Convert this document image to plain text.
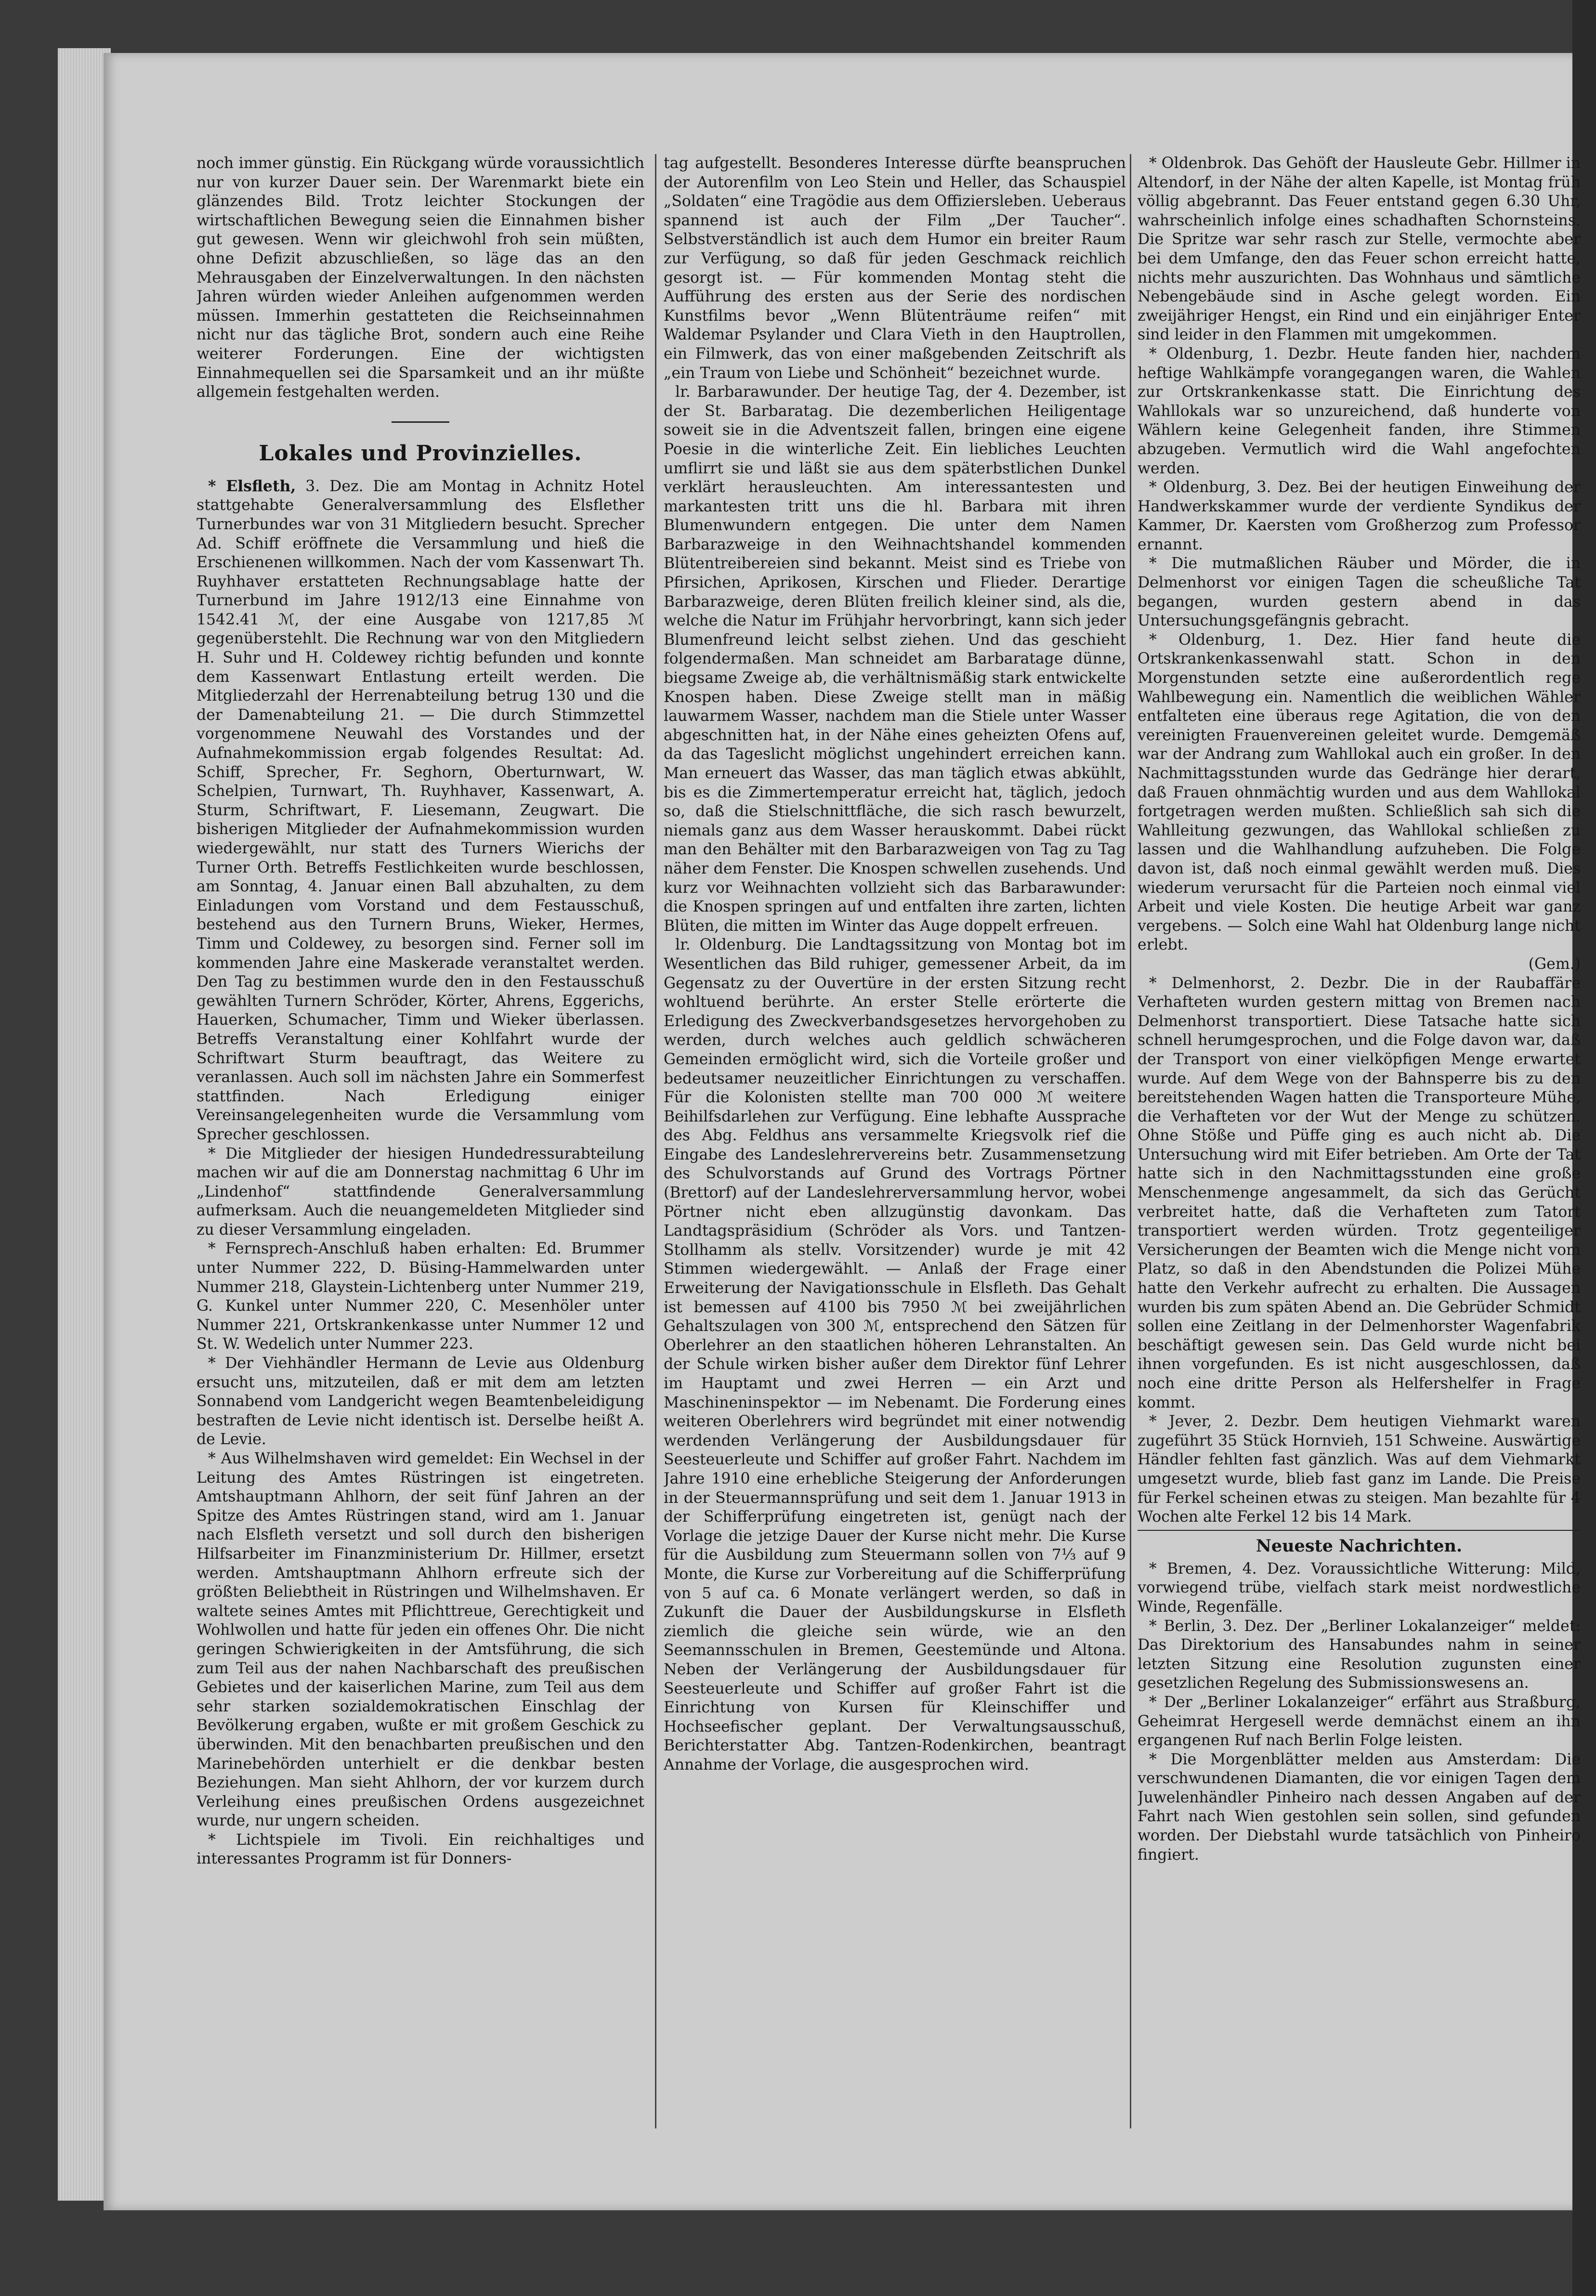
noch immer günstig. Ein Rückgang würde voraussichtlich nur von kurzer Dauer sein. Der Warenmarkt biete ein glänzendes Bild. Trotz leichter Stockungen der wirtschaftlichen Bewegung seien die Einnahmen bisher gut gewesen. Wenn wir gleichwohl froh sein müßten, ohne Defizit abzuschließen, so läge das an den Mehrausgaben der Einzelverwaltungen. In den nächsten Jahren würden wieder Anleihen aufgenommen werden müssen. Immerhin gestatteten die Reichseinnahmen nicht nur das tägliche Brot, sondern auch eine Reihe weiterer Forderungen. Eine der wichtigsten Einnahmequellen sei die Sparsamkeit und an ihr müßte allgemein festgehalten werden.

Lokales und Provinzielles.

* Elsfleth, 3. Dez. Die am Montag in Achnitz Hotel stattgehabte Generalversammlung des Elsflether Turnerbundes war von 31 Mitgliedern besucht. Sprecher Ad. Schiff eröffnete die Versammlung und hieß die Erschienenen willkommen. Nach der vom Kassenwart Th. Ruyhhaver erstatteten Rechnungsablage hatte der Turnerbund im Jahre 1912/13 eine Einnahme von 1542.41 ℳ, der eine Ausgabe von 1217,85 ℳ gegenüberstehlt. Die Rechnung war von den Mitgliedern H. Suhr und H. Coldewey richtig befunden und konnte dem Kassenwart Entlastung erteilt werden. Die Mitgliederzahl der Herrenabteilung betrug 130 und die der Damenabteilung 21. — Die durch Stimmzettel vorgenommene Neuwahl des Vorstandes und der Aufnahmekommission ergab folgendes Resultat: Ad. Schiff, Sprecher, Fr. Seghorn, Oberturnwart, W. Schelpien, Turnwart, Th. Ruyhhaver, Kassenwart, A. Sturm, Schriftwart, F. Liesemann, Zeugwart. Die bisherigen Mitglieder der Aufnahmekommission wurden wiedergewählt, nur statt des Turners Wierichs der Turner Orth. Betreffs Festlichkeiten wurde beschlossen, am Sonntag, 4. Januar einen Ball abzuhalten, zu dem Einladungen vom Vorstand und dem Festausschuß, bestehend aus den Turnern Bruns, Wieker, Hermes, Timm und Coldewey, zu besorgen sind. Ferner soll im kommenden Jahre eine Maskerade veranstaltet werden. Den Tag zu bestimmen wurde den in den Festausschuß gewählten Turnern Schröder, Körter, Ahrens, Eggerichs, Hauerken, Schumacher, Timm und Wieker überlassen. Betreffs Veranstaltung einer Kohlfahrt wurde der Schriftwart Sturm beauftragt, das Weitere zu veranlassen. Auch soll im nächsten Jahre ein Sommerfest stattfinden. Nach Erledigung einiger Vereinsangelegenheiten wurde die Versammlung vom Sprecher geschlossen.

* Die Mitglieder der hiesigen Hundedressurabteilung machen wir auf die am Donnerstag nachmittag 6 Uhr im „Lindenhof“ stattfindende Generalversammlung aufmerksam. Auch die neuangemeldeten Mitglieder sind zu dieser Versammlung eingeladen.

* Fernsprech-Anschluß haben erhalten: Ed. Brummer unter Nummer 222, D. Büsing-Hammelwarden unter Nummer 218, Glaystein-Lichtenberg unter Nummer 219, G. Kunkel unter Nummer 220, C. Mesenhöler unter Nummer 221, Ortskrankenkasse unter Nummer 12 und St. W. Wedelich unter Nummer 223.

* Der Viehhändler Hermann de Levie aus Oldenburg ersucht uns, mitzuteilen, daß er mit dem am letzten Sonnabend vom Landgericht wegen Beamtenbeleidigung bestraften de Levie nicht identisch ist. Derselbe heißt A. de Levie.

* Aus Wilhelmshaven wird gemeldet: Ein Wechsel in der Leitung des Amtes Rüstringen ist eingetreten. Amtshauptmann Ahlhorn, der seit fünf Jahren an der Spitze des Amtes Rüstringen stand, wird am 1. Januar nach Elsfleth versetzt und soll durch den bisherigen Hilfsarbeiter im Finanzministerium Dr. Hillmer, ersetzt werden. Amtshauptmann Ahlhorn erfreute sich der größten Beliebtheit in Rüstringen und Wilhelmshaven. Er waltete seines Amtes mit Pflichttreue, Gerechtigkeit und Wohlwollen und hatte für jeden ein offenes Ohr. Die nicht geringen Schwierigkeiten in der Amtsführung, die sich zum Teil aus der nahen Nachbarschaft des preußischen Gebietes und der kaiserlichen Marine, zum Teil aus dem sehr starken sozialdemokratischen Einschlag der Bevölkerung ergaben, wußte er mit großem Geschick zu überwinden. Mit den benachbarten preußischen und den Marinebehörden unterhielt er die denkbar besten Beziehungen. Man sieht Ahlhorn, der vor kurzem durch Verleihung eines preußischen Ordens ausgezeichnet wurde, nur ungern scheiden.

* Lichtspiele im Tivoli. Ein reichhaltiges und interessantes Programm ist für Donners-

tag aufgestellt. Besonderes Interesse dürfte beanspruchen der Autorenfilm von Leo Stein und Heller, das Schauspiel „Soldaten“ eine Tragödie aus dem Offiziersleben. Ueberaus spannend ist auch der Film „Der Taucher“. Selbstverständlich ist auch dem Humor ein breiter Raum zur Verfügung, so daß für jeden Geschmack reichlich gesorgt ist. — Für kommenden Montag steht die Aufführung des ersten aus der Serie des nordischen Kunstfilms bevor „Wenn Blütenträume reifen“ mit Waldemar Psylander und Clara Vieth in den Hauptrollen, ein Filmwerk, das von einer maßgebenden Zeitschrift als „ein Traum von Liebe und Schönheit“ bezeichnet wurde.

lr. Barbarawunder. Der heutige Tag, der 4. Dezember, ist der St. Barbaratag. Die dezemberlichen Heiligentage soweit sie in die Adventszeit fallen, bringen eine eigene Poesie in die winterliche Zeit. Ein liebliches Leuchten umflirrt sie und läßt sie aus dem späterbstlichen Dunkel verklärt herausleuchten. Am interessantesten und markantesten tritt uns die hl. Barbara mit ihren Blumenwundern entgegen. Die unter dem Namen Barbarazweige in den Weihnachtshandel kommenden Blütentreibereien sind bekannt. Meist sind es Triebe von Pfirsichen, Aprikosen, Kirschen und Flieder. Derartige Barbarazweige, deren Blüten freilich kleiner sind, als die, welche die Natur im Frühjahr hervorbringt, kann sich jeder Blumenfreund leicht selbst ziehen. Und das geschieht folgendermaßen. Man schneidet am Barbaratage dünne, biegsame Zweige ab, die verhältnismäßig stark entwickelte Knospen haben. Diese Zweige stellt man in mäßig lauwarmem Wasser, nachdem man die Stiele unter Wasser abgeschnitten hat, in der Nähe eines geheizten Ofens auf, da das Tageslicht möglichst ungehindert erreichen kann. Man erneuert das Wasser, das man täglich etwas abkühlt, bis es die Zimmertemperatur erreicht hat, täglich, jedoch so, daß die Stielschnittfläche, die sich rasch bewurzelt, niemals ganz aus dem Wasser herauskommt. Dabei rückt man den Behälter mit den Barbarazweigen von Tag zu Tag näher dem Fenster. Die Knospen schwellen zusehends. Und kurz vor Weihnachten vollzieht sich das Barbarawunder: die Knospen springen auf und entfalten ihre zarten, lichten Blüten, die mitten im Winter das Auge doppelt erfreuen.

lr. Oldenburg. Die Landtagssitzung von Montag bot im Wesentlichen das Bild ruhiger, gemessener Arbeit, da im Gegensatz zu der Ouvertüre in der ersten Sitzung recht wohltuend berührte. An erster Stelle erörterte die Erledigung des Zweckverbandsgesetzes hervorgehoben zu werden, durch welches auch geldlich schwächeren Gemeinden ermöglicht wird, sich die Vorteile großer und bedeutsamer neuzeitlicher Einrichtungen zu verschaffen. Für die Kolonisten stellte man 700 000 ℳ weitere Beihilfsdarlehen zur Verfügung. Eine lebhafte Aussprache des Abg. Feldhus ans versammelte Kriegsvolk rief die Eingabe des Landeslehrervereins betr. Zusammensetzung des Schulvorstands auf Grund des Vortrags Pörtner (Brettorf) auf der Landeslehrerversammlung hervor, wobei Pörtner nicht eben allzugünstig davonkam. Das Landtagspräsidium (Schröder als Vors. und Tantzen-Stollhamm als stellv. Vorsitzender) wurde je mit 42 Stimmen wiedergewählt. — Anlaß der Frage einer Erweiterung der Navigationsschule in Elsfleth. Das Gehalt ist bemessen auf 4100 bis 7950 ℳ bei zweijährlichen Gehaltszulagen von 300 ℳ, entsprechend den Sätzen für Oberlehrer an den staatlichen höheren Lehranstalten. An der Schule wirken bisher außer dem Direktor fünf Lehrer im Hauptamt und zwei Herren — ein Arzt und Maschineninspektor — im Nebenamt. Die Forderung eines weiteren Oberlehrers wird begründet mit einer notwendig werdenden Verlängerung der Ausbildungsdauer für Seesteuerleute und Schiffer auf großer Fahrt. Nachdem im Jahre 1910 eine erhebliche Steigerung der Anforderungen in der Steuermannsprüfung und seit dem 1. Januar 1913 in der Schifferprüfung eingetreten ist, genügt nach der Vorlage die jetzige Dauer der Kurse nicht mehr. Die Kurse für die Ausbildung zum Steuermann sollen von 7⅓ auf 9 Monte, die Kurse zur Vorbereitung auf die Schifferprüfung von 5 auf ca. 6 Monate verlängert werden, so daß in Zukunft die Dauer der Ausbildungskurse in Elsfleth ziemlich die gleiche sein würde, wie an den Seemannsschulen in Bremen, Geestemünde und Altona. Neben der Verlängerung der Ausbildungsdauer für Seesteuerleute und Schiffer auf großer Fahrt ist die Einrichtung von Kursen für Kleinschiffer und Hochseefischer geplant. Der Verwaltungsausschuß, Berichterstatter Abg. Tantzen-Rodenkirchen, beantragt Annahme der Vorlage, die ausgesprochen wird.

* Oldenbrok. Das Gehöft der Hausleute Gebr. Hillmer in Altendorf, in der Nähe der alten Kapelle, ist Montag früh völlig abgebrannt. Das Feuer entstand gegen 6.30 Uhr, wahrscheinlich infolge eines schadhaften Schornsteins. Die Spritze war sehr rasch zur Stelle, vermochte aber bei dem Umfange, den das Feuer schon erreicht hatte, nichts mehr auszurichten. Das Wohnhaus und sämtliche Nebengebäude sind in Asche gelegt worden. Ein zweijähriger Hengst, ein Rind und ein einjähriger Enter sind leider in den Flammen mit umgekommen.

* Oldenburg, 1. Dezbr. Heute fanden hier, nachdem heftige Wahlkämpfe vorangegangen waren, die Wahlen zur Ortskrankenkasse statt. Die Einrichtung des Wahllokals war so unzureichend, daß hunderte von Wählern keine Gelegenheit fanden, ihre Stimmen abzugeben. Vermutlich wird die Wahl angefochten werden.

* Oldenburg, 3. Dez. Bei der heutigen Einweihung der Handwerkskammer wurde der verdiente Syndikus der Kammer, Dr. Kaersten vom Großherzog zum Professor ernannt.

* Die mutmaßlichen Räuber und Mörder, die in Delmenhorst vor einigen Tagen die scheußliche Tat begangen, wurden gestern abend in das Untersuchungsgefängnis gebracht.

* Oldenburg, 1. Dez. Hier fand heute die Ortskrankenkassenwahl statt. Schon in den Morgenstunden setzte eine außerordentlich rege Wahlbewegung ein. Namentlich die weiblichen Wähler entfalteten eine überaus rege Agitation, die von den vereinigten Frauenvereinen geleitet wurde. Demgemäß war der Andrang zum Wahllokal auch ein großer. In den Nachmittagsstunden wurde das Gedränge hier derart, daß Frauen ohnmächtig wurden und aus dem Wahllokal fortgetragen werden mußten. Schließlich sah sich die Wahlleitung gezwungen, das Wahllokal schließen zu lassen und die Wahlhandlung aufzuheben. Die Folge davon ist, daß noch einmal gewählt werden muß. Dies wiederum verursacht für die Parteien noch einmal viel Arbeit und viele Kosten. Die heutige Arbeit war ganz vergebens. — Solch eine Wahl hat Oldenburg lange nicht erlebt.

(Gem.)

* Delmenhorst, 2. Dezbr. Die in der Raubaffäre Verhafteten wurden gestern mittag von Bremen nach Delmenhorst transportiert. Diese Tatsache hatte sich schnell herumgesprochen, und die Folge davon war, daß der Transport von einer vielköpfigen Menge erwartet wurde. Auf dem Wege von der Bahnsperre bis zu den bereitstehenden Wagen hatten die Transporteure Mühe, die Verhafteten vor der Wut der Menge zu schützen. Ohne Stöße und Püffe ging es auch nicht ab. Die Untersuchung wird mit Eifer betrieben. Am Orte der Tat hatte sich in den Nachmittagsstunden eine große Menschenmenge angesammelt, da sich das Gerücht verbreitet hatte, daß die Verhafteten zum Tatort transportiert werden würden. Trotz gegenteiliger Versicherungen der Beamten wich die Menge nicht vom Platz, so daß in den Abendstunden die Polizei Mühe hatte den Verkehr aufrecht zu erhalten. Die Aussagen wurden bis zum späten Abend an. Die Gebrüder Schmidt sollen eine Zeitlang in der Delmenhorster Wagenfabrik beschäftigt gewesen sein. Das Geld wurde nicht bei ihnen vorgefunden. Es ist nicht ausgeschlossen, daß noch eine dritte Person als Helfershelfer in Frage kommt.

* Jever, 2. Dezbr. Dem heutigen Viehmarkt waren zugeführt 35 Stück Hornvieh, 151 Schweine. Auswärtige Händler fehlten fast gänzlich. Was auf dem Viehmarkt umgesetzt wurde, blieb fast ganz im Lande. Die Preise für Ferkel scheinen etwas zu steigen. Man bezahlte für 4 Wochen alte Ferkel 12 bis 14 Mark.

Neueste Nachrichten.

* Bremen, 4. Dez. Voraussichtliche Witterung: Mild, vorwiegend trübe, vielfach stark meist nordwestliche Winde, Regenfälle.

* Berlin, 3. Dez. Der „Berliner Lokalanzeiger“ meldet: Das Direktorium des Hansabundes nahm in seiner letzten Sitzung eine Resolution zugunsten einer gesetzlichen Regelung des Submissionswesens an.

* Der „Berliner Lokalanzeiger“ erfährt aus Straßburg, Geheimrat Hergesell werde demnächst einem an ihn ergangenen Ruf nach Berlin Folge leisten.

* Die Morgenblätter melden aus Amsterdam: Die verschwundenen Diamanten, die vor einigen Tagen dem Juwelenhändler Pinheiro nach dessen Angaben auf der Fahrt nach Wien gestohlen sein sollen, sind gefunden worden. Der Diebstahl wurde tatsächlich von Pinheiro fingiert.
